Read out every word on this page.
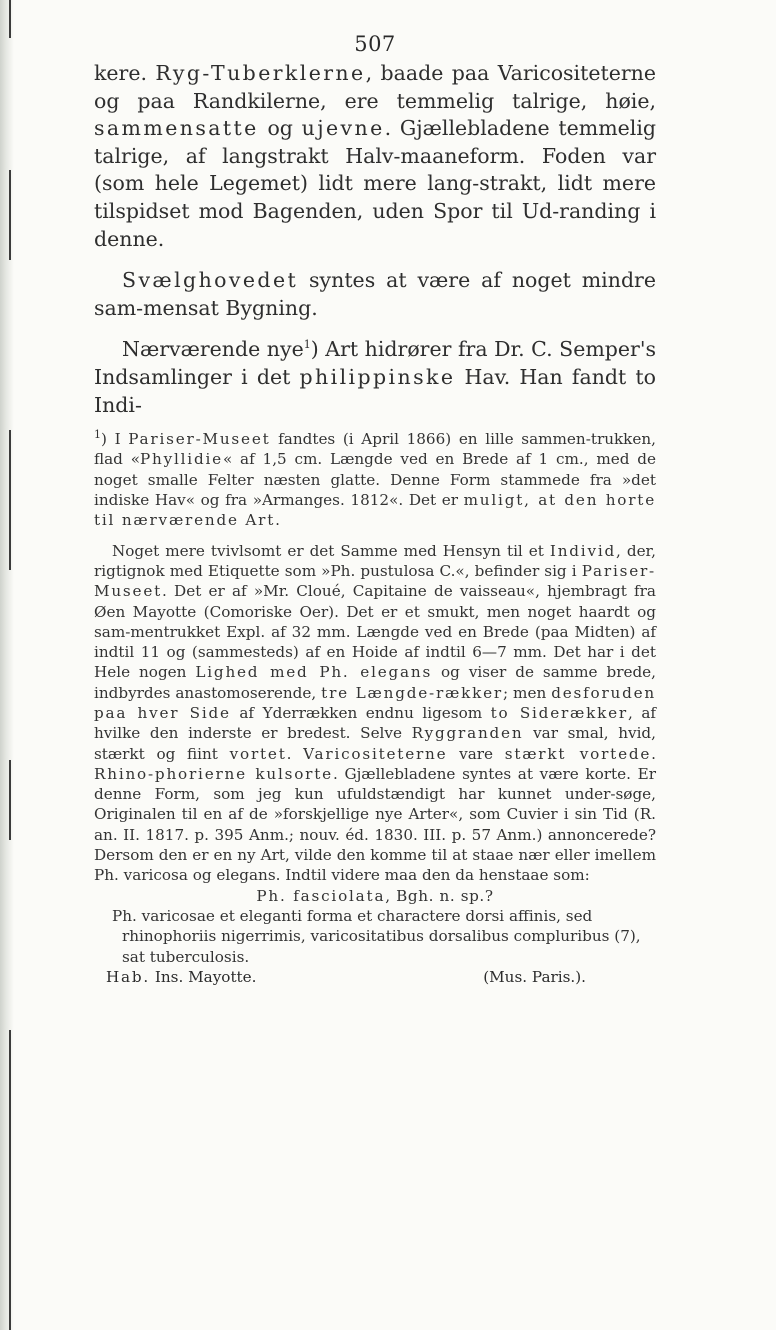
507

kere. Ryg-Tuberklerne, baade paa Varicositeterne og paa Randkilerne, ere temmelig talrige, høie, sammensatte og ujevne. Gjællebladene temmelig talrige, af langstrakt Halv-maaneform. Foden var (som hele Legemet) lidt mere lang-strakt, lidt mere tilspidset mod Bagenden, uden Spor til Ud-randing i denne.

Svælghovedet syntes at være af noget mindre sam-mensat Bygning.

Nærværende nye$^1$) Art hidrører fra Dr. C. Semper's Indsamlinger i det philippinske Hav. Han fandt to Indi-

$^1$) I Pariser-Museet fandtes (i April 1866) en lille sammen-trukken, flad «Phyllidie« af 1,5 cm. Længde ved en Brede af 1 cm., med de noget smalle Felter næsten glatte. Denne Form stammede fra »det indiske Hav« og fra »Armanges. 1812«. Det er muligt, at den horte til nærværende Art.

Noget mere tvivlsomt er det Samme med Hensyn til et Individ, der, rigtignok med Etiquette som »Ph. pustulosa C.«, befinder sig i Pariser-Museet. Det er af »Mr. Cloué, Capitaine de vaisseau«, hjembragt fra Øen Mayotte (Comoriske Oer). Det er et smukt, men noget haardt og sam-mentrukket Expl. af 32 mm. Længde ved en Brede (paa Midten) af indtil 11 og (sammesteds) af en Hoide af indtil 6—7 mm. Det har i det Hele nogen Lighed med Ph. elegans og viser de samme brede, indbyrdes anastomoserende, tre Længde-rækker; men desforuden paa hver Side af Yderrækken endnu ligesom to Siderækker, af hvilke den inderste er bredest. Selve Ryggranden var smal, hvid, stærkt og fiint vortet. Varicositeterne vare stærkt vortede. Rhino-phorierne kulsorte. Gjællebladene syntes at være korte. Er denne Form, som jeg kun ufuldstændigt har kunnet under-søge, Originalen til en af de »forskjellige nye Arter«, som Cuvier i sin Tid (R. an. II. 1817. p. 395 Anm.; nouv. éd. 1830. III. p. 57 Anm.) annoncerede? Dersom den er en ny Art, vilde den komme til at staae nær eller imellem Ph. varicosa og elegans. Indtil videre maa den da henstaae som:

Ph. fasciolata, Bgh. n. sp.?

Ph. varicosae et eleganti forma et charactere dorsi affinis, sed rhinophoriis nigerrimis, varicositatibus dorsalibus compluribus (7), sat tuberculosis.

Hab. Ins. Mayotte.	(Mus. Paris.).
